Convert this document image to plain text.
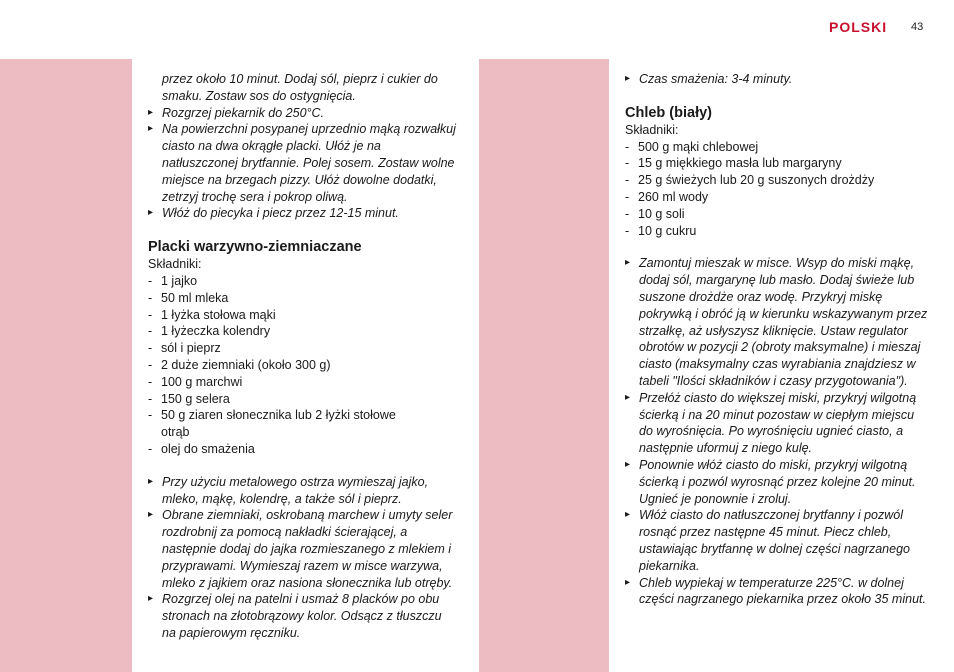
POLSKI 43
przez około 10 minut. Dodaj sól, pieprz i cukier do smaku. Zostaw sos do ostygnięcia.
▸ Rozgrzej piekarnik do 250°C.
▸ Na powierzchni posypanej uprzednio mąką rozwałkuj ciasto na dwa okrągłe placki. Ułóż je na natłuszczonej brytfannie. Polej sosem. Zostaw wolne miejsce na brzegach pizzy. Ułóż dowolne dodatki, zetrzyj trochę sera i pokrop oliwą.
▸ Włóż do piecyka i piecz przez 12-15 minut.
Placki warzywno-ziemniaczane
Składniki:
- 1 jajko
- 50 ml mleka
- 1 łyżka stołowa mąki
- 1 łyżeczka kolendry
- sól i pieprz
- 2 duże ziemniaki (około 300 g)
- 100 g marchwi
- 150 g selera
- 50 g ziaren słonecznika lub 2 łyżki stołowe otrąb
- olej do smażenia
▸ Przy użyciu metalowego ostrza wymieszaj jajko, mleko, mąkę, kolendrę, a także sól i pieprz.
▸ Obrane ziemniaki, oskrobaną marchew i umyty seler rozdrobnij za pomocą nakładki ścierającej, a następnie dodaj do jajka rozmieszanego z mlekiem i przyprawami. Wymieszaj razem w misce warzywa, mleko z jajkiem oraz nasiona słonecznika lub otręby.
▸ Rozgrzej olej na patelni i usmaż 8 placków po obu stronach na złotobrązowy kolor. Odsącz z tłuszczu na papierowym ręczniku.
▸ Czas smażenia: 3-4 minuty.
Chleb (biały)
Składniki:
- 500 g mąki chlebowej
- 15 g miękkiego masła lub margaryny
- 25 g świeżych lub 20 g suszonych drożdży
- 260 ml wody
- 10 g soli
- 10 g cukru
▸ Zamontuj mieszak w misce. Wsyp do miski mąkę, dodaj sól, margarynę lub masło. Dodaj świeże lub suszone drożdże oraz wodę. Przykryj miskę pokrywką i obróć ją w kierunku wskazywanym przez strzałkę, aż usłyszysz kliknięcie. Ustaw regulator obrotów w pozycji 2 (obroty maksymalne) i mieszaj ciasto (maksymalny czas wyrabiania znajdziesz w tabeli "Ilości składników i czasy przygotowania").
▸ Przełóż ciasto do większej miski, przykryj wilgotną ścierką i na 20 minut pozostaw w ciepłym miejscu do wyrośnięcia. Po wyrośnięciu ugnieć ciasto, a następnie uformuj z niego kulę.
▸ Ponownie włóż ciasto do miski, przykryj wilgotną ścierką i pozwól wyrosnąć przez kolejne 20 minut. Ugnieć je ponownie i zroluj.
▸ Włóż ciasto do natłuszczonej brytfanny i pozwól rosnąć przez następne 45 minut. Piecz chleb, ustawiając brytfannę w dolnej części nagrzanego piekarnika.
▸ Chleb wypiekaj w temperaturze 225°C. w dolnej części nagrzanego piekarnika przez około 35 minut.
